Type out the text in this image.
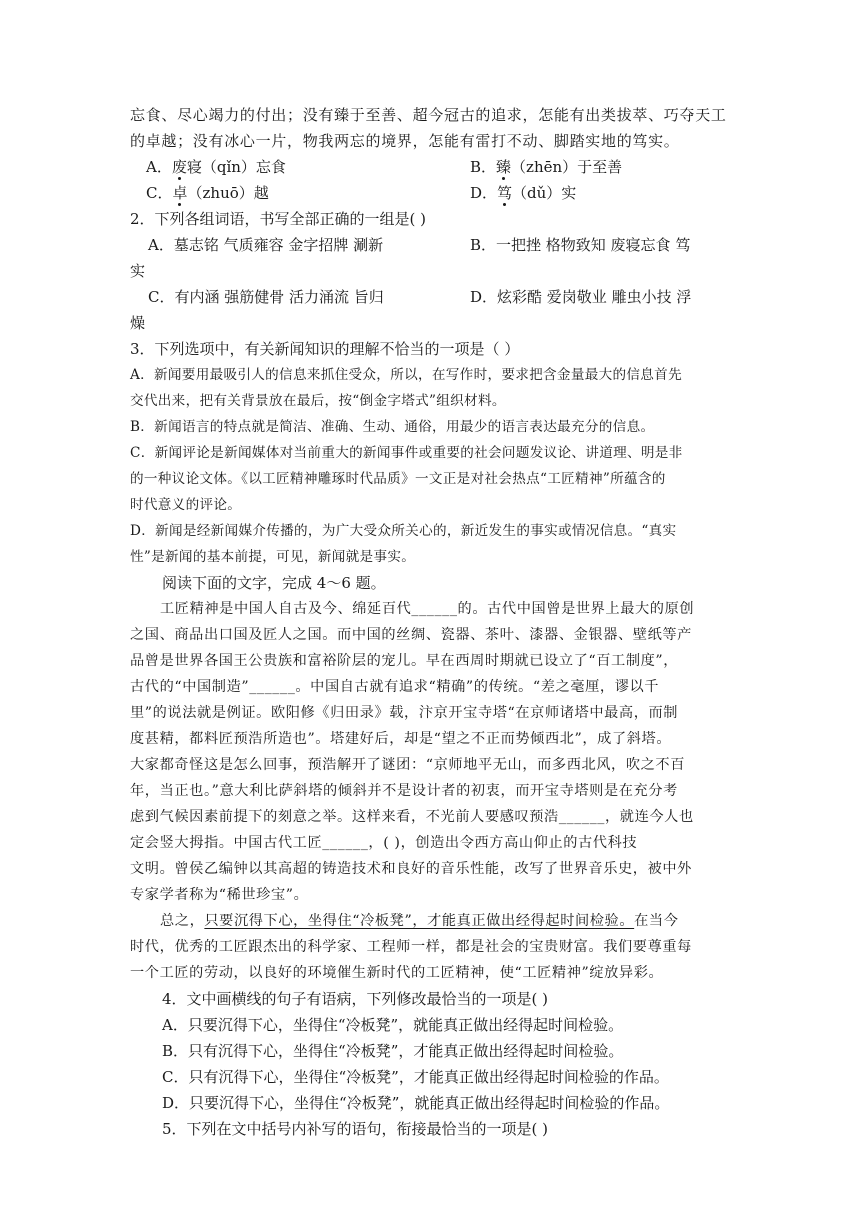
忘食、尽心竭力的付出；没有臻于至善、超今冠古的追求，怎能有出类拔萃、巧夺天工

的卓越；没有冰心一片，物我两忘的境界，怎能有雷打不动、脚踏实地的笃实。

A．废寝（qǐn）忘食	B．臻（zhēn）于至善
C．卓（zhuō）越	D．笃（dǔ）实

2．下列各组词语，书写全部正确的一组是( )

A．墓志铭 气质雍容 金字招牌 涮新	B．一把挫 格物致知 废寝忘食 笃

实

C．有内涵 强筋健骨 活力涌流 旨归	D．炫彩酷 爱岗敬业 雕虫小技 浮

燥

3．下列选项中，有关新闻知识的理解不恰当的一项是（ ）

A．新闻要用最吸引人的信息来抓住受众，所以，在写作时，要求把含金量最大的信息首先

交代出来，把有关背景放在最后，按“倒金字塔式”组织材料。

B．新闻语言的特点就是简洁、准确、生动、通俗，用最少的语言表达最充分的信息。

C．新闻评论是新闻媒体对当前重大的新闻事件或重要的社会问题发议论、讲道理、明是非

的一种议论文体。《以工匠精神雕琢时代品质》一文正是对社会热点“工匠精神”所蕴含的

时代意义的评论。

D．新闻是经新闻媒介传播的，为广大受众所关心的，新近发生的事实或情况信息。“真实

性”是新闻的基本前提，可见，新闻就是事实。

阅读下面的文字，完成 4～6 题。

工匠精神是中国人自古及今、绵延百代______的。古代中国曾是世界上最大的原创

之国、商品出口国及匠人之国。而中国的丝绸、瓷器、茶叶、漆器、金银器、壁纸等产

品曾是世界各国王公贵族和富裕阶层的宠儿。早在西周时期就已设立了“百工制度”，

古代的“中国制造”______。中国自古就有追求“精确”的传统。“差之毫厘，谬以千

里”的说法就是例证。欧阳修《归田录》载，汴京开宝寺塔“在京师诸塔中最高，而制

度甚精，都料匠预浩所造也”。塔建好后，却是“望之不正而势倾西北”，成了斜塔。

大家都奇怪这是怎么回事，预浩解开了谜团：“京师地平无山，而多西北风，吹之不百

年，当正也。”意大利比萨斜塔的倾斜并不是设计者的初衷，而开宝寺塔则是在充分考

虑到气候因素前提下的刻意之举。这样来看，不光前人要感叹预浩______，就连今人也

定会竖大拇指。中国古代工匠______，( )，创造出令西方高山仰止的古代科技

文明。曾侯乙编钟以其高超的铸造技术和良好的音乐性能，改写了世界音乐史，被中外

专家学者称为“稀世珍宝”。

总之，只要沉得下心，坐得住“冷板凳”，才能真正做出经得起时间检验。在当今

时代，优秀的工匠跟杰出的科学家、工程师一样，都是社会的宝贵财富。我们要尊重每

一个工匠的劳动，以良好的环境催生新时代的工匠精神，使“工匠精神”绽放异彩。

4．文中画横线的句子有语病，下列修改最恰当的一项是( )

A．只要沉得下心，坐得住“冷板凳”，就能真正做出经得起时间检验。

B．只有沉得下心，坐得住“冷板凳”，才能真正做出经得起时间检验。

C．只有沉得下心，坐得住“冷板凳”，才能真正做出经得起时间检验的作品。

D．只要沉得下心，坐得住“冷板凳”，就能真正做出经得起时间检验的作品。

5．下列在文中括号内补写的语句，衔接最恰当的一项是( )
